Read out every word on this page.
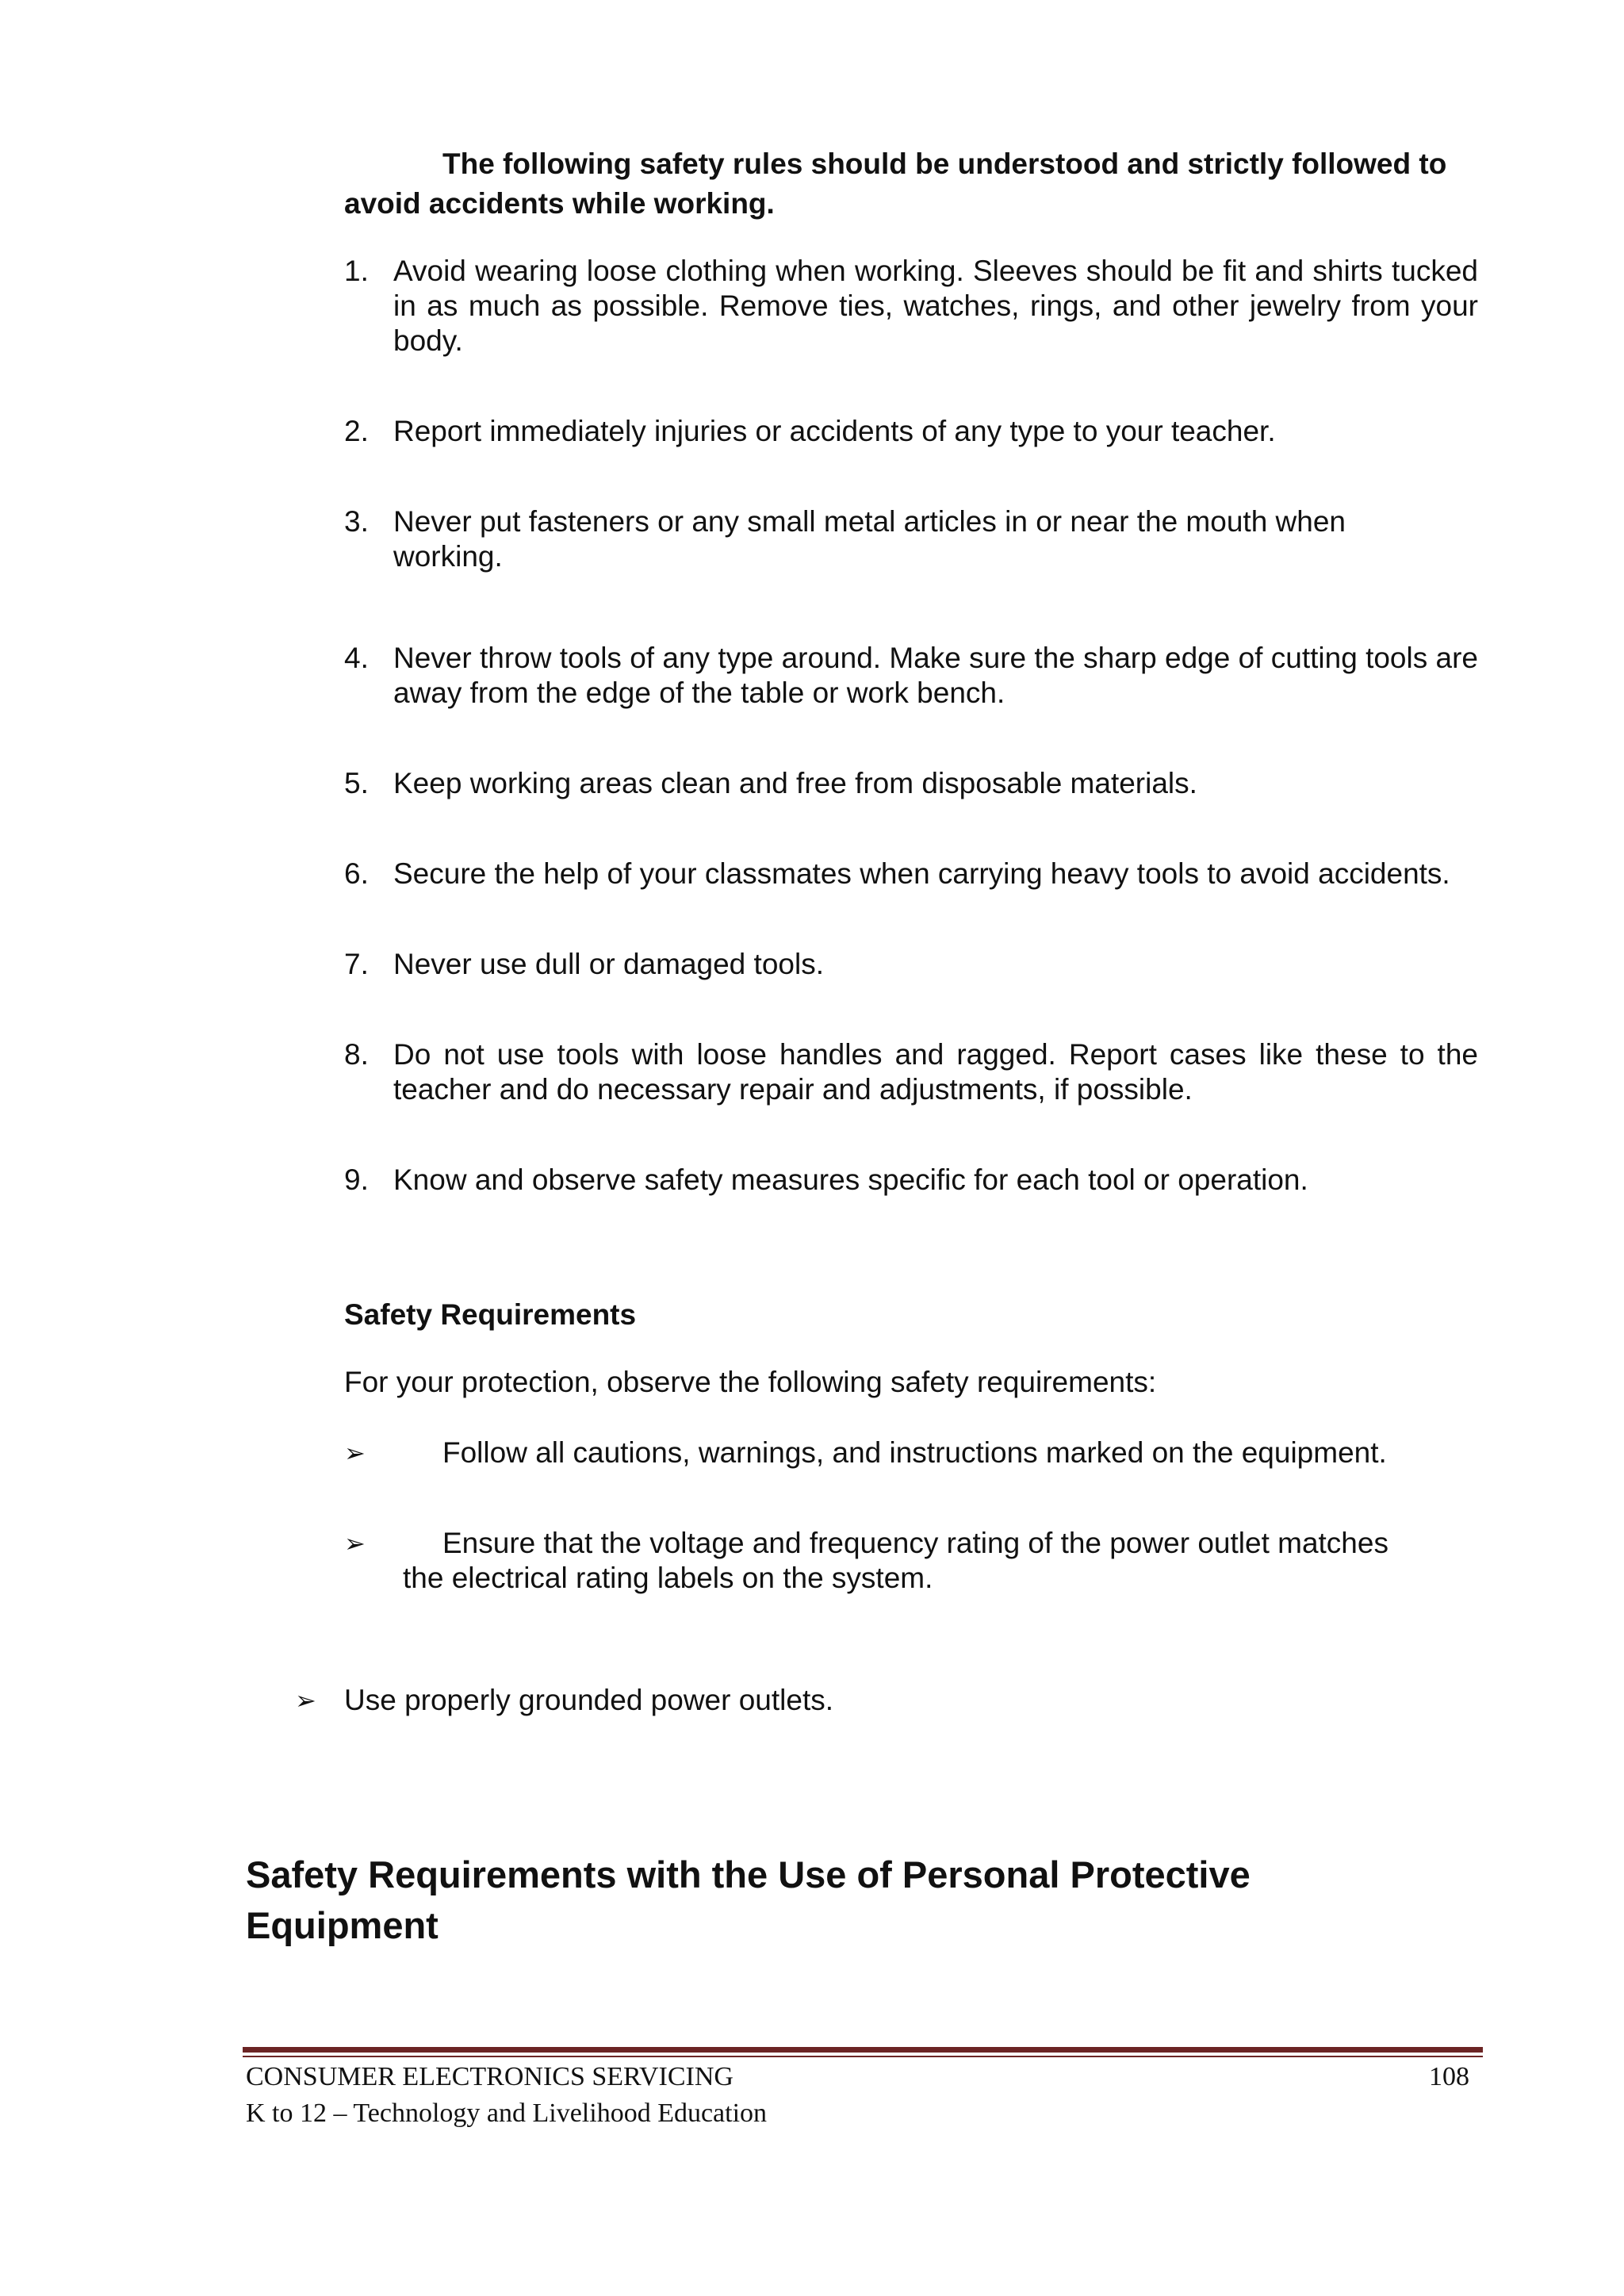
The following safety rules should be understood and strictly followed to
avoid accidents while working.
1. Avoid wearing loose clothing when working. Sleeves should be fit and shirts tucked in as much as possible. Remove ties, watches, rings, and other jewelry from your body.
2. Report immediately injuries or accidents of any type to your teacher.
3. Never put fasteners or any small metal articles in or near the mouth when working.
4. Never throw tools of any type around. Make sure the sharp edge of cutting tools are away from the edge of the table or work bench.
5. Keep working areas clean and free from disposable materials.
6. Secure the help of your classmates when carrying heavy tools to avoid accidents.
7. Never use dull or damaged tools.
8. Do not use tools with loose handles and ragged. Report cases like these to the teacher and do necessary repair and adjustments, if possible.
9. Know and observe safety measures specific for each tool or operation.
Safety Requirements
For your protection, observe the following safety requirements:
➢	Follow all cautions, warnings, and instructions marked on the equipment.
➢	Ensure that the voltage and frequency rating of the power outlet matches
the electrical rating labels on the system.
➢ Use properly grounded power outlets.
Safety Requirements with the Use of Personal Protective
Equipment
CONSUMER ELECTRONICS SERVICING	108
K to 12 – Technology and Livelihood Education
